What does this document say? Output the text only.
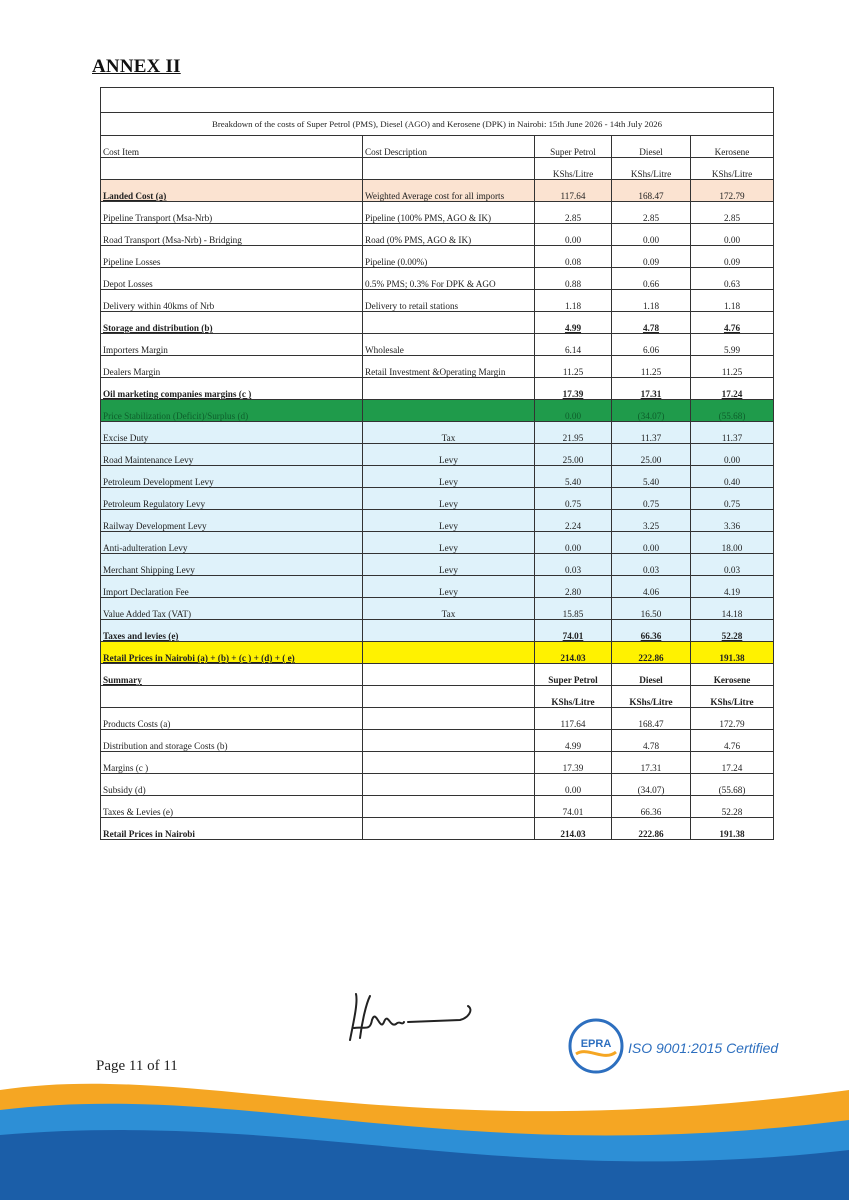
ANNEX II

Breakdown of the costs of Super Petrol (PMS), Diesel (AGO) and Kerosene (DPK) in Nairobi: 15th June 2026 - 14th July 2026				
Cost Item	Cost Description	Super Petrol	Diesel	Kerosene
		KShs/Litre	KShs/Litre	KShs/Litre
Landed Cost (a)	Weighted Average cost for all imports	117.64	168.47	172.79
Pipeline Transport (Msa-Nrb)	Pipeline (100% PMS, AGO & IK)	2.85	2.85	2.85
Road Transport (Msa-Nrb) - Bridging	Road (0% PMS, AGO & IK)	0.00	0.00	0.00
Pipeline Losses	Pipeline (0.00%)	0.08	0.09	0.09
Depot Losses	0.5% PMS; 0.3% For DPK & AGO	0.88	0.66	0.63
Delivery within 40kms of Nrb	Delivery to retail stations	1.18	1.18	1.18
Storage and distribution (b)		4.99	4.78	4.76
Importers Margin	Wholesale	6.14	6.06	5.99
Dealers Margin	Retail Investment &Operating Margin	11.25	11.25	11.25
Oil marketing companies margins (c )		17.39	17.31	17.24
Price Stabilization (Deficit)/Surplus (d)		0.00	(34.07)	(55.68)
Excise Duty	Tax	21.95	11.37	11.37
Road Maintenance Levy	Levy	25.00	25.00	0.00
Petroleum Development Levy	Levy	5.40	5.40	0.40
Petroleum Regulatory Levy	Levy	0.75	0.75	0.75
Railway Development Levy	Levy	2.24	3.25	3.36
Anti-adulteration Levy	Levy	0.00	0.00	18.00
Merchant Shipping Levy	Levy	0.03	0.03	0.03
Import Declaration Fee	Levy	2.80	4.06	4.19
Value Added Tax (VAT)	Tax	15.85	16.50	14.18
Taxes and levies (e)		74.01	66.36	52.28
Retail Prices in Nairobi (a) + (b) + (c ) + (d) + ( e)		214.03	222.86	191.38
Summary		Super Petrol	Diesel	Kerosene
		KShs/Litre	KShs/Litre	KShs/Litre
Products Costs (a)		117.64	168.47	172.79
Distribution and storage Costs (b)		4.99	4.78	4.76
Margins (c )		17.39	17.31	17.24
Subsidy (d)		0.00	(34.07)	(55.68)
Taxes & Levies (e)		74.01	66.36	52.28
Retail Prices in Nairobi		214.03	222.86	191.38
Page 11 of 11
EPRA ISO 9001:2015 Certified
